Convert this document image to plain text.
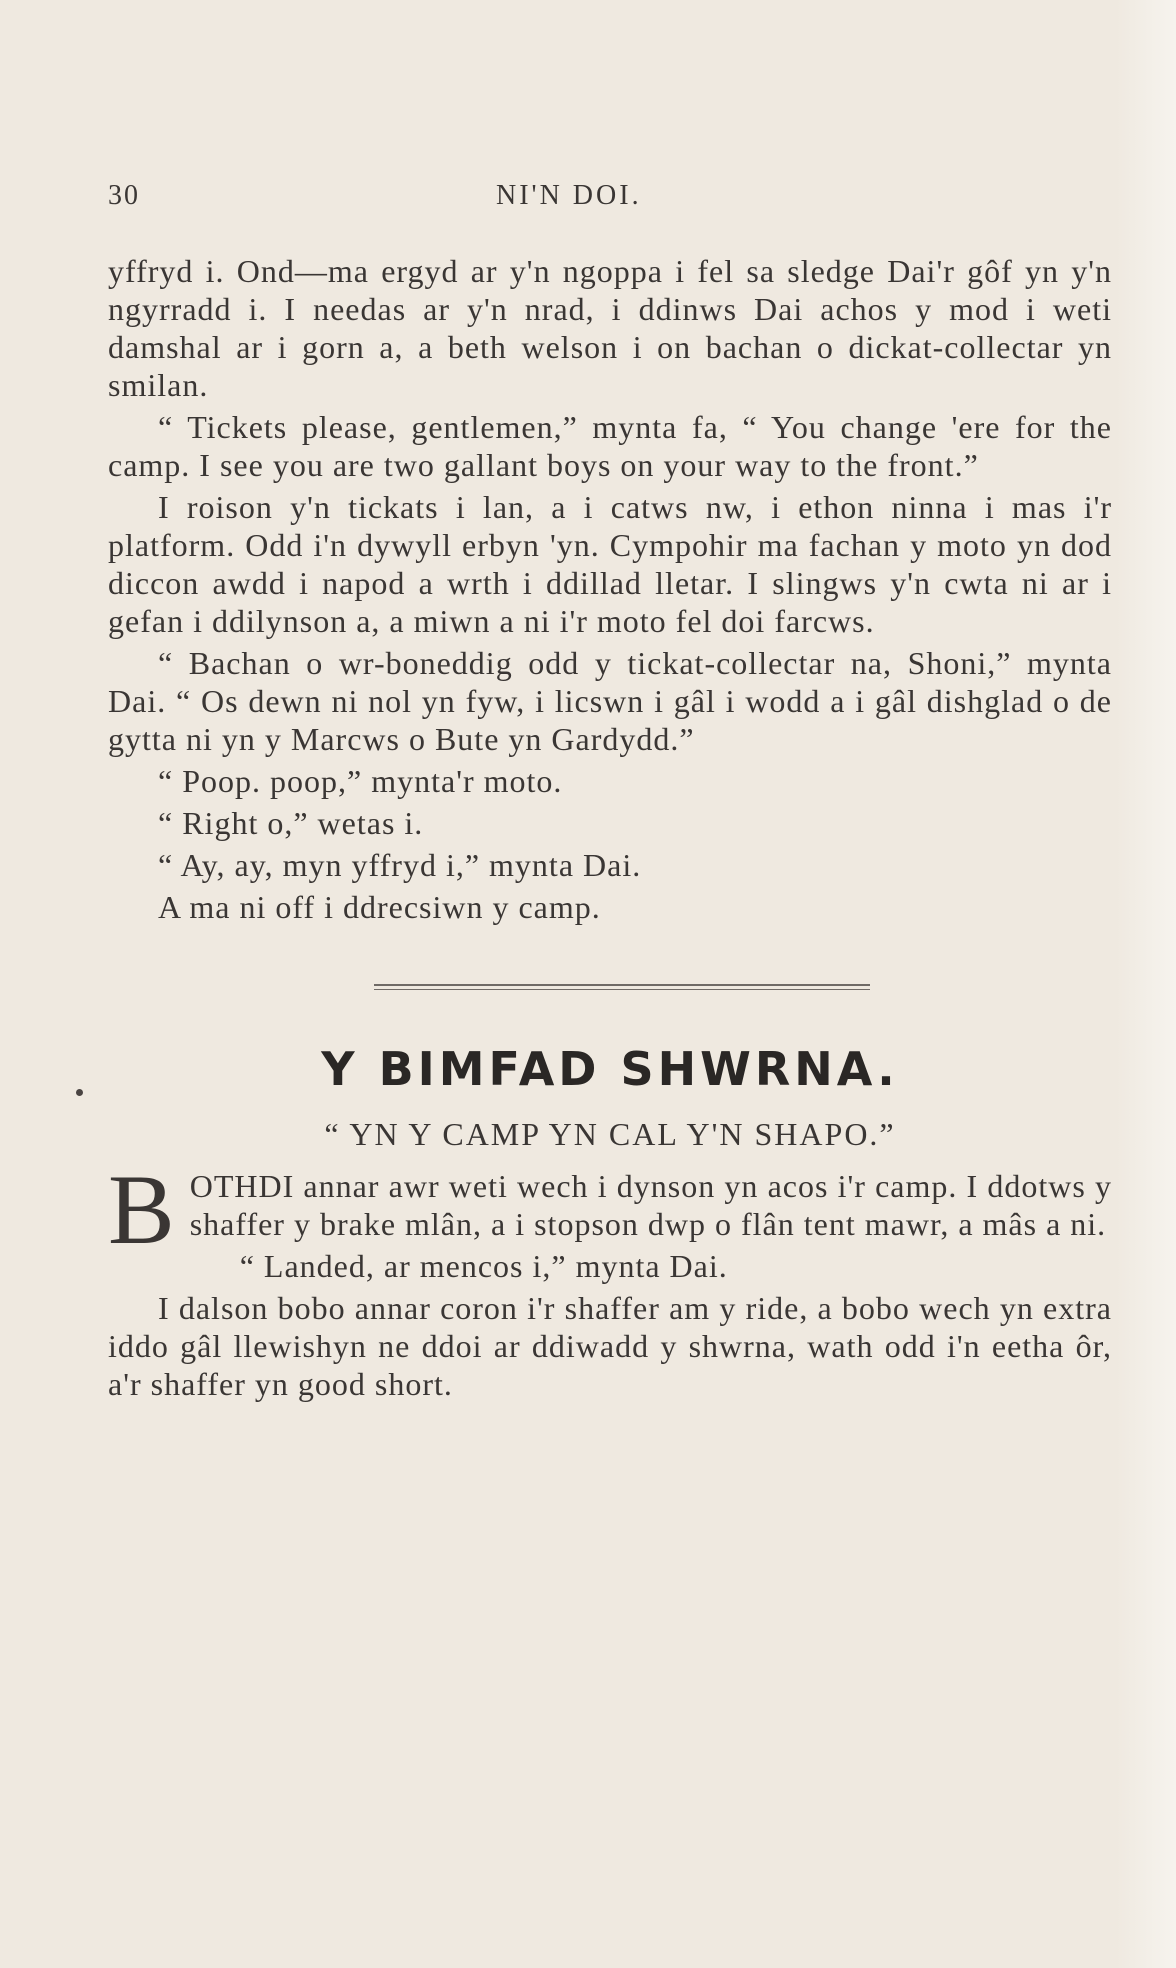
30	NI'N DOI.

yffryd i. Ond—ma ergyd ar y'n ngoppa i fel sa sledge Dai'r gôf yn y'n ngyrradd i. I needas ar y'n nrad, i ddinws Dai achos y mod i weti damshal ar i gorn a, a beth welson i on bachan o dickat-collectar yn smilan.

“ Tickets please, gentlemen,” mynta fa, “ You change 'ere for the camp. I see you are two gallant boys on your way to the front.”

I roison y'n tickats i lan, a i catws nw, i ethon ninna i mas i'r platform. Odd i'n dywyll erbyn 'yn. Cympohir ma fachan y moto yn dod diccon awdd i napod a wrth i ddillad lletar. I slingws y'n cwta ni ar i gefan i ddilynson a, a miwn a ni i'r moto fel doi farcws.

“ Bachan o wr-boneddig odd y tickat-collectar na, Shoni,” mynta Dai. “ Os dewn ni nol yn fyw, i licswn i gâl i wodd a i gâl dishglad o de gytta ni yn y Marcws o Bute yn Gardydd.”

“ Poop. poop,” mynta'r moto.

“ Right o,” wetas i.

“ Ay, ay, myn yffryd i,” mynta Dai.

A ma ni off i ddrecsiwn y camp.

Y BIMFAD SHWRNA.
“ YN Y CAMP YN CAL Y'N SHAPO.”

BOTHDI annar awr weti wech i dynson yn acos i'r camp. I ddotws y shaffer y brake mlân, a i stopson dwp o flân tent mawr, a mâs a ni.

“ Landed, ar mencos i,” mynta Dai.

I dalson bobo annar coron i'r shaffer am y ride, a bobo wech yn extra iddo gâl llewishyn ne ddoi ar ddiwadd y shwrna, wath odd i'n eetha ôr, a'r shaffer yn good short.
